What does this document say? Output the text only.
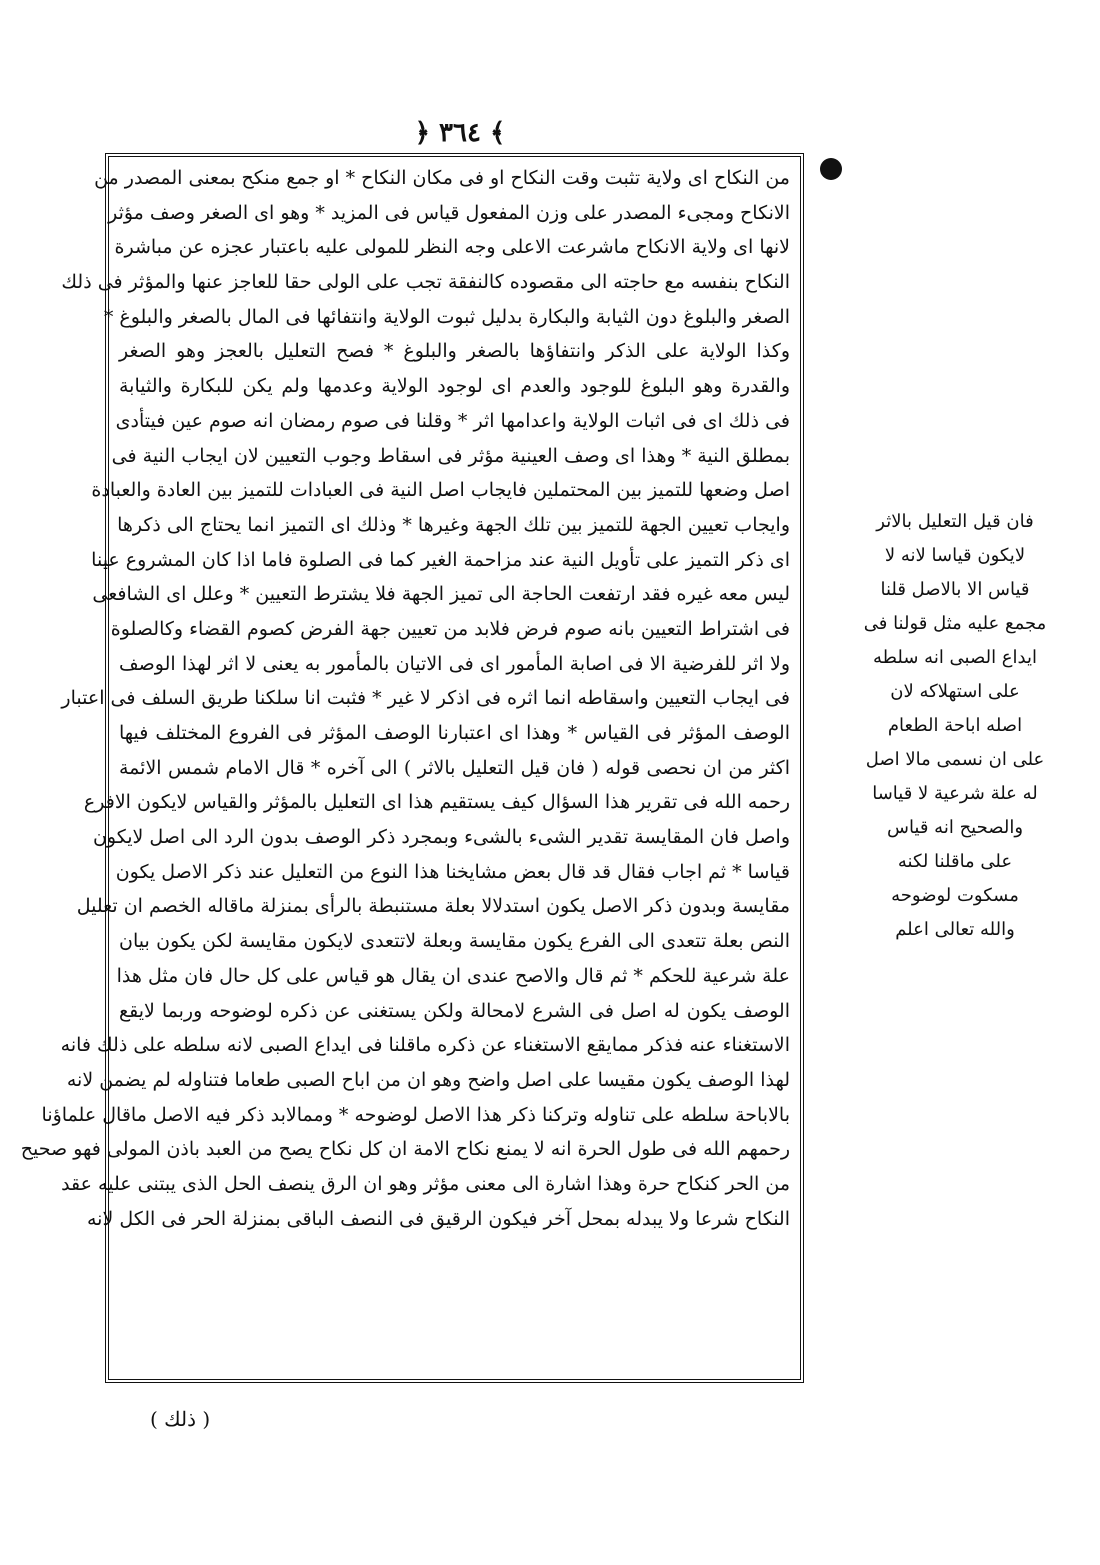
﴿ ٣٦٤ ﴾
من النكاح اى ولاية تثبت وقت النكاح او فى مكان النكاح * او جمع منكح بمعنى المصدر من
الانكاح ومجىء المصدر على وزن المفعول قياس فى المزيد * وهو اى الصغر وصف مؤثر
لانها اى ولاية الانكاح ماشرعت الاعلى وجه النظر للمولى عليه باعتبار عجزه عن مباشرة
النكاح بنفسه مع حاجته الى مقصوده كالنفقة تجب على الولى حقا للعاجز عنها والمؤثر فى ذلك
الصغر والبلوغ دون الثيابة والبكارة بدليل ثبوت الولاية وانتفائها فى المال بالصغر والبلوغ *
وكذا الولاية على الذكر وانتفاؤها بالصغر والبلوغ * فصح التعليل بالعجز وهو الصغر
والقدرة وهو البلوغ للوجود والعدم اى لوجود الولاية وعدمها ولم يكن للبكارة والثيابة
فى ذلك اى فى اثبات الولاية واعدامها اثر * وقلنا فى صوم رمضان انه صوم عين فيتأدى
بمطلق النية * وهذا اى وصف العينية مؤثر فى اسقاط وجوب التعيين لان ايجاب النية فى
اصل وضعها للتميز بين المحتملين فايجاب اصل النية فى العبادات للتميز بين العادة والعبادة
وايجاب تعيين الجهة للتميز بين تلك الجهة وغيرها * وذلك اى التميز انما يحتاج الى ذكرها
اى ذكر التميز على تأويل النية عند مزاحمة الغير كما فى الصلوة فاما اذا كان المشروع عينا
ليس معه غيره فقد ارتفعت الحاجة الى تميز الجهة فلا يشترط التعيين * وعلل اى الشافعى
فى اشتراط التعيين بانه صوم فرض فلابد من تعيين جهة الفرض كصوم القضاء وكالصلوة
ولا اثر للفرضية الا فى اصابة المأمور اى فى الاتيان بالمأمور به يعنى لا اثر لهذا الوصف
فى ايجاب التعيين واسقاطه انما اثره فى اذكر لا غير * فثبت انا سلكنا طريق السلف فى اعتبار
الوصف المؤثر فى القياس * وهذا اى اعتبارنا الوصف المؤثر فى الفروع المختلف فيها
اكثر من ان نحصى قوله ( فان قيل التعليل بالاثر ) الى آخره * قال الامام شمس الائمة
رحمه الله فى تقرير هذا السؤال كيف يستقيم هذا اى التعليل بالمؤثر والقياس لايكون الافرع
واصل فان المقايسة تقدير الشىء بالشىء وبمجرد ذكر الوصف بدون الرد الى اصل لايكون
قياسا * ثم اجاب فقال قد قال بعض مشايخنا هذا النوع من التعليل عند ذكر الاصل يكون
مقايسة وبدون ذكر الاصل يكون استدلالا بعلة مستنبطة بالرأى بمنزلة ماقاله الخصم ان تعليل
النص بعلة تتعدى الى الفرع يكون مقايسة وبعلة لاتتعدى لايكون مقايسة لكن يكون بيان
علة شرعية للحكم * ثم قال والاصح عندى ان يقال هو قياس على كل حال فان مثل هذا
الوصف يكون له اصل فى الشرع لامحالة ولكن يستغنى عن ذكره لوضوحه وربما لايقع
الاستغناء عنه فذكر ممايقع الاستغناء عن ذكره ماقلنا فى ايداع الصبى لانه سلطه على ذلك فانه
لهذا الوصف يكون مقيسا على اصل واضح وهو ان من اباح الصبى طعاما فتناوله لم يضمن لانه
بالاباحة سلطه على تناوله وتركنا ذكر هذا الاصل لوضوحه * وممالابد ذكر فيه الاصل ماقال علماؤنا
رحمهم الله فى طول الحرة انه لا يمنع نكاح الامة ان كل نكاح يصح من العبد باذن المولى فهو صحيح
من الحر كنكاح حرة وهذا اشارة الى معنى مؤثر وهو ان الرق ينصف الحل الذى يبتنى عليه عقد
النكاح شرعا ولا يبدله بمحل آخر فيكون الرقيق فى النصف الباقى بمنزلة الحر فى الكل لانه
فان قيل التعليل بالاثر
لايكون قياسا لانه لا
قياس الا بالاصل قلنا
مجمع عليه مثل قولنا فى
ايداع الصبى انه سلطه
على استهلاكه لان
اصله اباحة الطعام
على ان نسمى مالا اصل
له علة شرعية لا قياسا
والصحيح انه قياس
على ماقلنا لكنه
مسكوت لوضوحه
والله تعالى اعلم
( ذلك )
